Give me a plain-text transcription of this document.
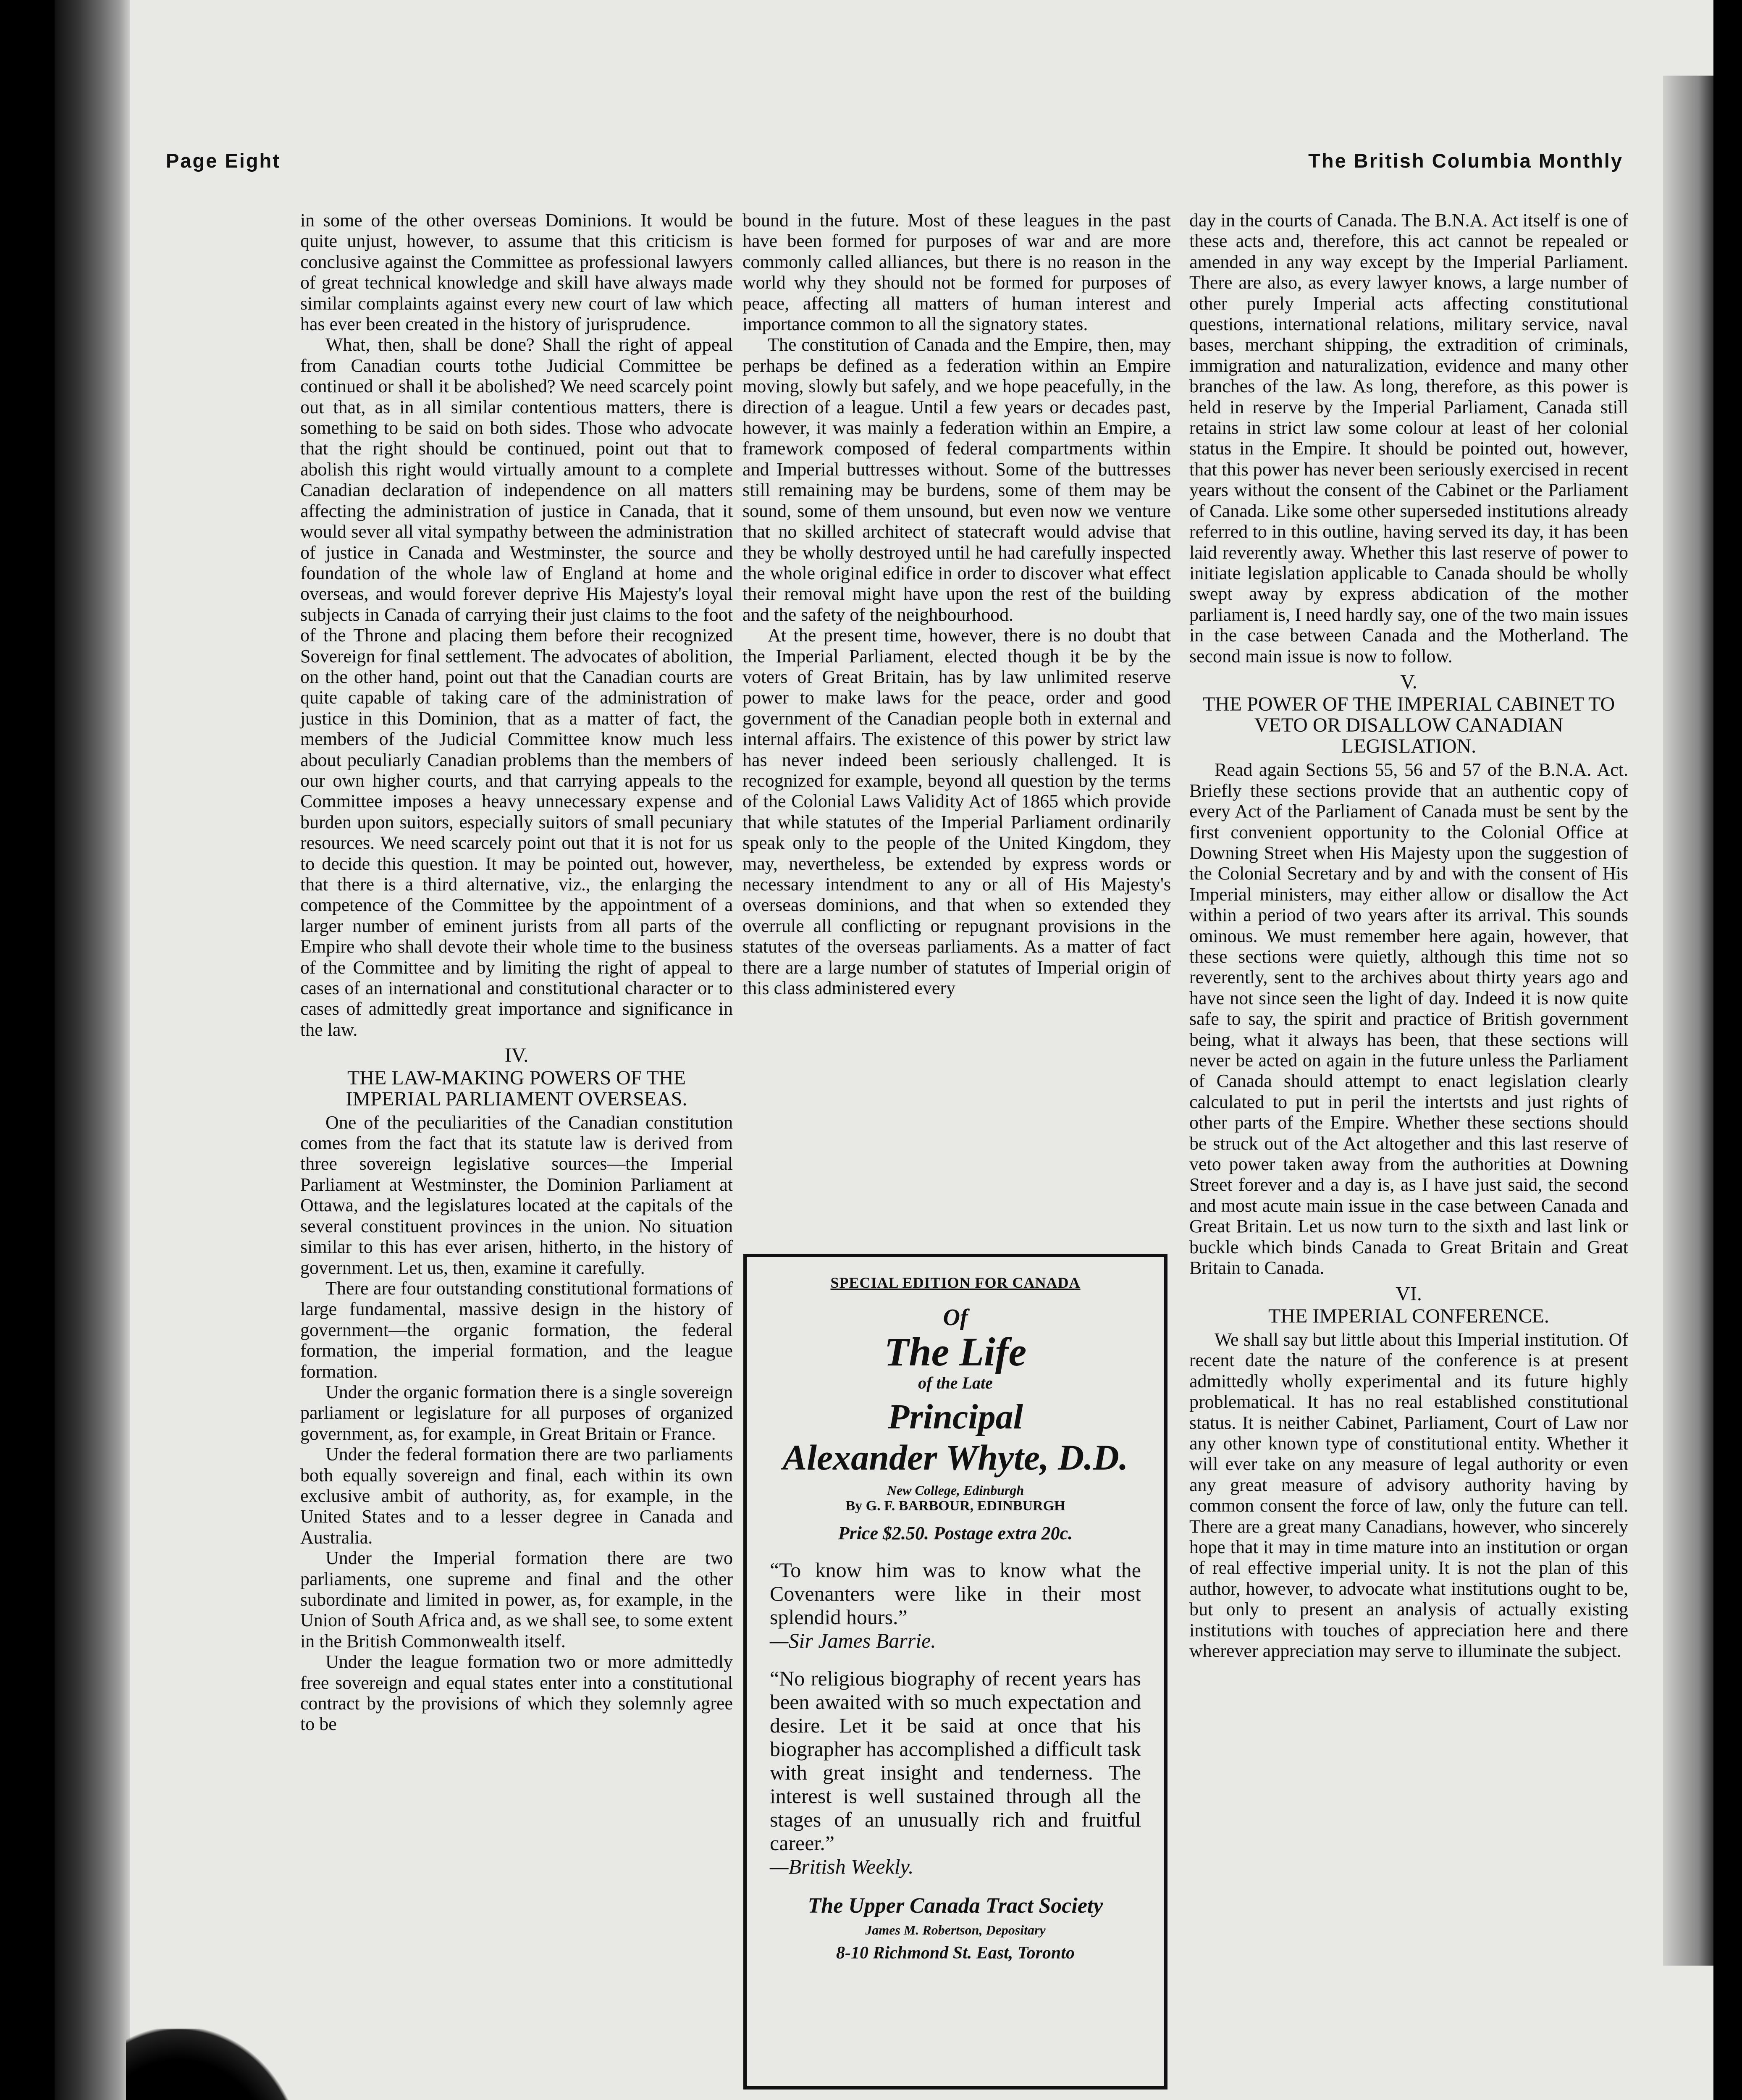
Page Eight	The British Columbia Monthly

in some of the other overseas Dominions. It would be quite unjust, however, to assume that this criticism is conclusive against the Committee as professional lawyers of great technical knowledge and skill have always made similar complaints against every new court of law which has ever been created in the history of jurisprudence.

What, then, shall be done? Shall the right of appeal from Canadian courts tothe Judicial Committee be continued or shall it be abolished? We need scarcely point out that, as in all similar contentious matters, there is something to be said on both sides. Those who advocate that the right should be continued, point out that to abolish this right would virtually amount to a complete Canadian declaration of independence on all matters affecting the administration of justice in Canada, that it would sever all vital sympathy between the administration of justice in Canada and Westminster, the source and foundation of the whole law of England at home and overseas, and would forever deprive His Majesty's loyal subjects in Canada of carrying their just claims to the foot of the Throne and placing them before their recognized Sovereign for final settlement. The advocates of abolition, on the other hand, point out that the Canadian courts are quite capable of taking care of the administration of justice in this Dominion, that as a matter of fact, the members of the Judicial Committee know much less about peculiarly Canadian problems than the members of our own higher courts, and that carrying appeals to the Committee imposes a heavy unnecessary expense and burden upon suitors, especially suitors of small pecuniary resources. We need scarcely point out that it is not for us to decide this question. It may be pointed out, however, that there is a third alternative, viz., the enlarging the competence of the Committee by the appointment of a larger number of eminent jurists from all parts of the Empire who shall devote their whole time to the business of the Committee and by limiting the right of appeal to cases of an international and constitutional character or to cases of admittedly great importance and significance in the law.

IV.
THE LAW-MAKING POWERS OF THE IMPERIAL PARLIAMENT OVERSEAS.

One of the peculiarities of the Canadian constitution comes from the fact that its statute law is derived from three sovereign legislative sources—the Imperial Parliament at Westminster, the Dominion Parliament at Ottawa, and the legislatures located at the capitals of the several constituent provinces in the union. No situation similar to this has ever arisen, hitherto, in the history of government. Let us, then, examine it carefully.

There are four outstanding constitutional formations of large fundamental, massive design in the history of government—the organic formation, the federal formation, the imperial formation, and the league formation.

Under the organic formation there is a single sovereign parliament or legislature for all purposes of organized government, as, for example, in Great Britain or France.

Under the federal formation there are two parliaments both equally sovereign and final, each within its own exclusive ambit of authority, as, for example, in the United States and to a lesser degree in Canada and Australia.

Under the Imperial formation there are two parliaments, one supreme and final and the other subordinate and limited in power, as, for example, in the Union of South Africa and, as we shall see, to some extent in the British Commonwealth itself.

Under the league formation two or more admittedly free sovereign and equal states enter into a constitutional contract by the provisions of which they solemnly agree to be

bound in the future. Most of these leagues in the past have been formed for purposes of war and are more commonly called alliances, but there is no reason in the world why they should not be formed for purposes of peace, affecting all matters of human interest and importance common to all the signatory states.

The constitution of Canada and the Empire, then, may perhaps be defined as a federation within an Empire moving, slowly but safely, and we hope peacefully, in the direction of a league. Until a few years or decades past, however, it was mainly a federation within an Empire, a framework composed of federal compartments within and Imperial buttresses without. Some of the buttresses still remaining may be burdens, some of them may be sound, some of them unsound, but even now we venture that no skilled architect of statecraft would advise that they be wholly destroyed until he had carefully inspected the whole original edifice in order to discover what effect their removal might have upon the rest of the building and the safety of the neighbourhood.

At the present time, however, there is no doubt that the Imperial Parliament, elected though it be by the voters of Great Britain, has by law unlimited reserve power to make laws for the peace, order and good government of the Canadian people both in external and internal affairs. The existence of this power by strict law has never indeed been seriously challenged. It is recognized for example, beyond all question by the terms of the Colonial Laws Validity Act of 1865 which provide that while statutes of the Imperial Parliament ordinarily speak only to the people of the United Kingdom, they may, nevertheless, be extended by express words or necessary intendment to any or all of His Majesty's overseas dominions, and that when so extended they overrule all conflicting or repugnant provisions in the statutes of the overseas parliaments. As a matter of fact there are a large number of statutes of Imperial origin of this class administered every

SPECIAL EDITION FOR CANADA
Of
The Life
of the Late
Principal
Alexander Whyte, D.D.
New College, Edinburgh
By G. F. BARBOUR, EDINBURGH
Price $2.50. Postage extra 20c.
“To know him was to know what the Covenanters were like in their most splendid hours.”
—Sir James Barrie.
“No religious biography of recent years has been awaited with so much expectation and desire. Let it be said at once that his biographer has accomplished a difficult task with great insight and tenderness. The interest is well sustained through all the stages of an unusually rich and fruitful career.”
—British Weekly.
The Upper Canada Tract Society
James M. Robertson, Depositary
8-10 Richmond St. East, Toronto

day in the courts of Canada. The B.N.A. Act itself is one of these acts and, therefore, this act cannot be repealed or amended in any way except by the Imperial Parliament. There are also, as every lawyer knows, a large number of other purely Imperial acts affecting constitutional questions, international relations, military service, naval bases, merchant shipping, the extradition of criminals, immigration and naturalization, evidence and many other branches of the law. As long, therefore, as this power is held in reserve by the Imperial Parliament, Canada still retains in strict law some colour at least of her colonial status in the Empire. It should be pointed out, however, that this power has never been seriously exercised in recent years without the consent of the Cabinet or the Parliament of Canada. Like some other superseded institutions already referred to in this outline, having served its day, it has been laid reverently away. Whether this last reserve of power to initiate legislation applicable to Canada should be wholly swept away by express abdication of the mother parliament is, I need hardly say, one of the two main issues in the case between Canada and the Motherland. The second main issue is now to follow.

V.
THE POWER OF THE IMPERIAL CABINET TO VETO OR DISALLOW CANADIAN LEGISLATION.

Read again Sections 55, 56 and 57 of the B.N.A. Act. Briefly these sections provide that an authentic copy of every Act of the Parliament of Canada must be sent by the first convenient opportunity to the Colonial Office at Downing Street when His Majesty upon the suggestion of the Colonial Secretary and by and with the consent of His Imperial ministers, may either allow or disallow the Act within a period of two years after its arrival. This sounds ominous. We must remember here again, however, that these sections were quietly, although this time not so reverently, sent to the archives about thirty years ago and have not since seen the light of day. Indeed it is now quite safe to say, the spirit and practice of British government being, what it always has been, that these sections will never be acted on again in the future unless the Parliament of Canada should attempt to enact legislation clearly calculated to put in peril the intertsts and just rights of other parts of the Empire. Whether these sections should be struck out of the Act altogether and this last reserve of veto power taken away from the authorities at Downing Street forever and a day is, as I have just said, the second and most acute main issue in the case between Canada and Great Britain. Let us now turn to the sixth and last link or buckle which binds Canada to Great Britain and Great Britain to Canada.

VI.
THE IMPERIAL CONFERENCE.

We shall say but little about this Imperial institution. Of recent date the nature of the conference is at present admittedly wholly experimental and its future highly problematical. It has no real established constitutional status. It is neither Cabinet, Parliament, Court of Law nor any other known type of constitutional entity. Whether it will ever take on any measure of legal authority or even any great measure of advisory authority having by common consent the force of law, only the future can tell. There are a great many Canadians, however, who sincerely hope that it may in time mature into an institution or organ of real effective imperial unity. It is not the plan of this author, however, to advocate what institutions ought to be, but only to present an analysis of actually existing institutions with touches of appreciation here and there wherever appreciation may serve to illuminate the subject.
